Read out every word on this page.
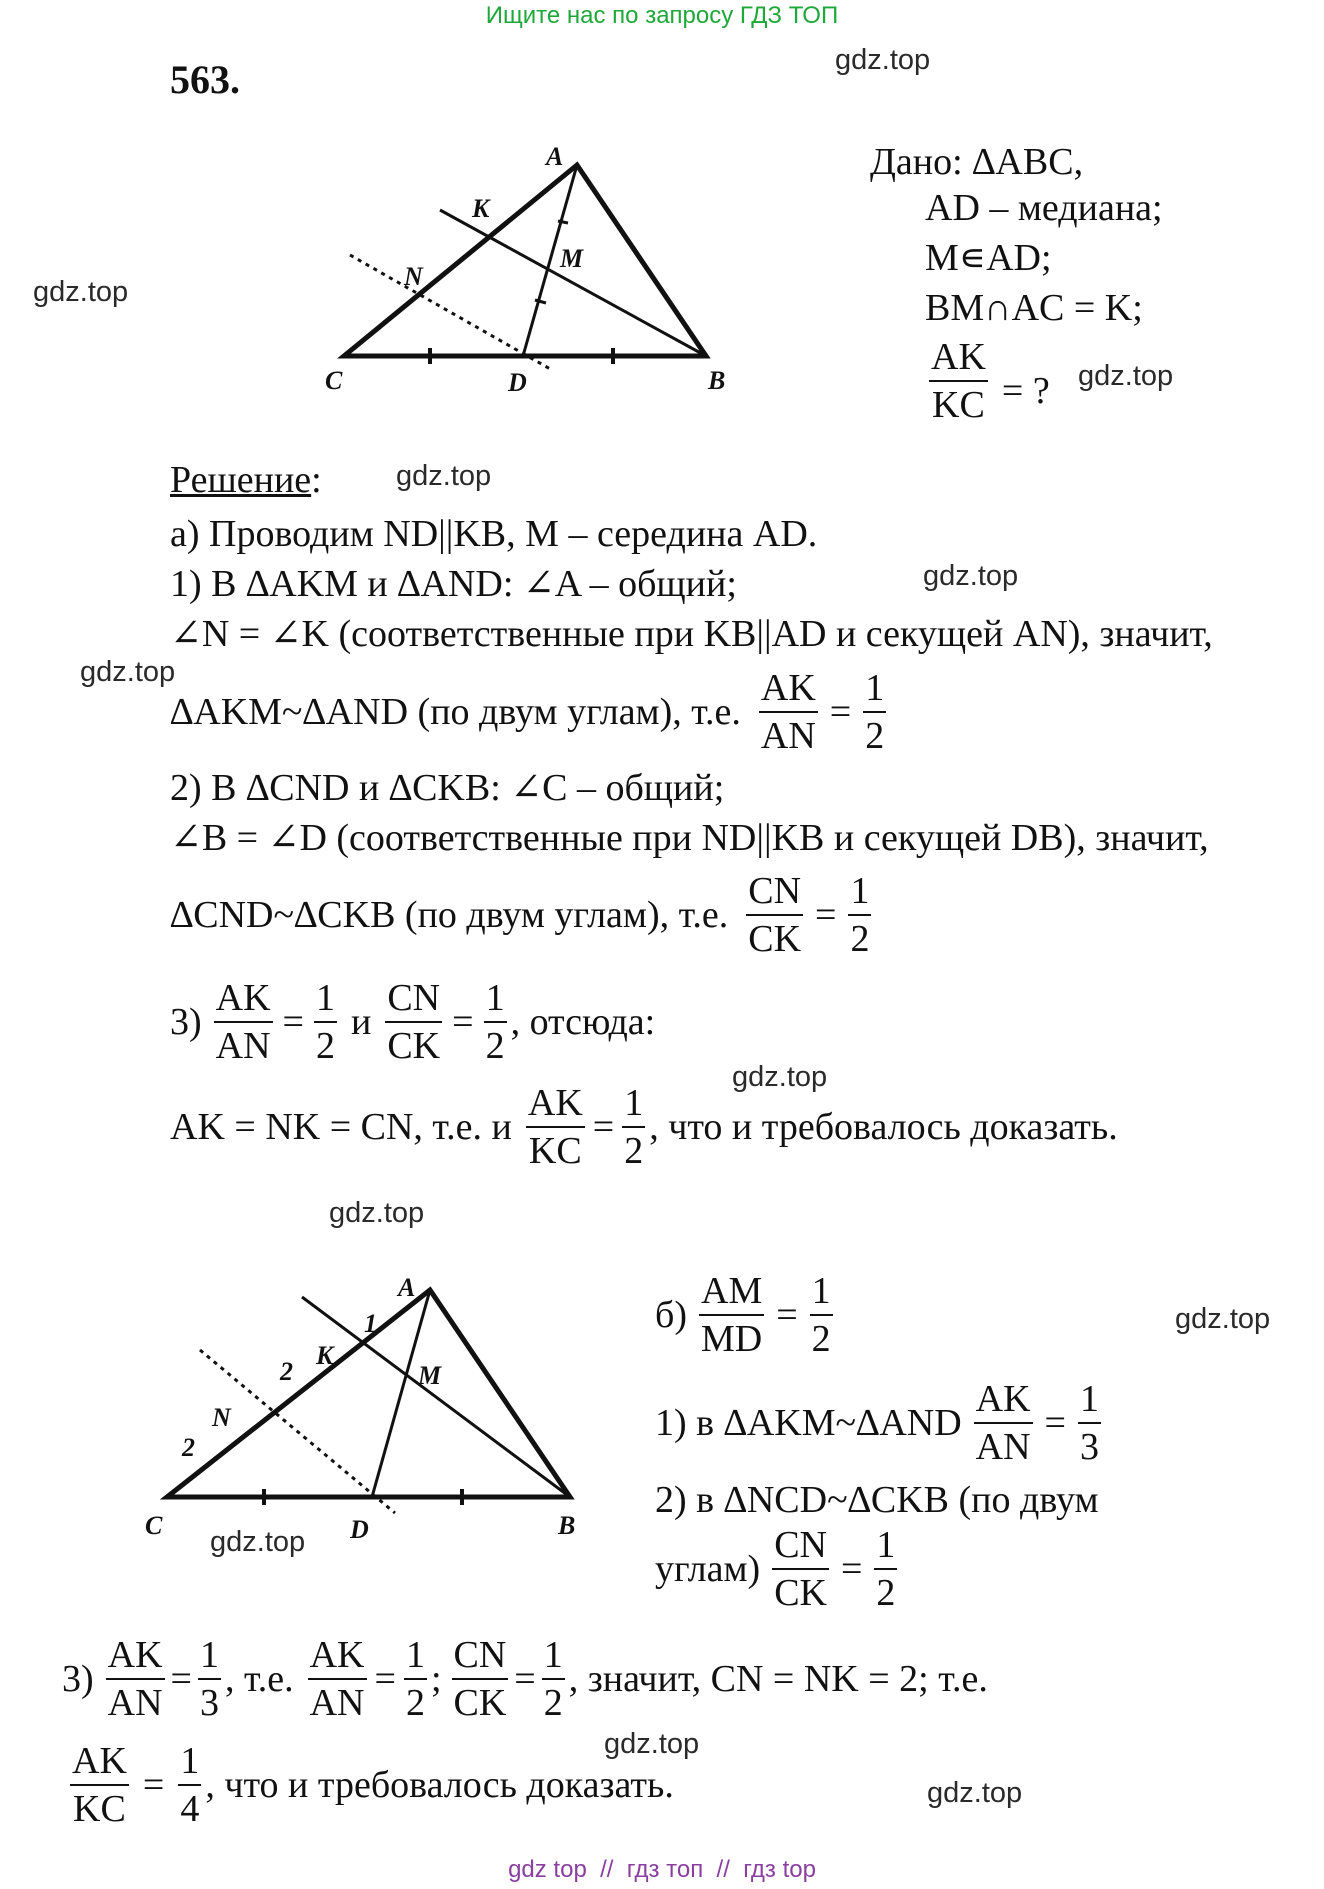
Ищите нас по запросу ГДЗ ТОП
563.	gdz.top
gdz.top
gdz.top
gdz.top
gdz.top
gdz.top
gdz.top
gdz.top
gdz.top
gdz.top
gdz.top
gdz.top
A
B
C	D
K
M
N
Дано: ∆ABC,
AD – медиана;
M∊AD;
BM∩AC = K;
$\frac{AK}{KC}$ = ?
Решение:
а) Проводим ND||KB, M – середина AD.
1) В ∆AKM и ∆AND: ∠A – общий;
∠N = ∠K (соответственные при KB||AD и секущей AN), значит,
∆AKM~∆AND (по двум углам), т.е. $\frac{AK}{AN} = \frac{1}{2}$
2) В ∆CND и ∆CKB: ∠C – общий;
∠B = ∠D (соответственные при ND||KB и секущей DB), значит,
∆CND~∆CKB (по двум углам), т.е. $\frac{CN}{CK} = \frac{1}{2}$
$3) \frac{AK}{AN} = \frac{1}{2}$ и $\frac{CN}{CK} = \frac{1}{2}$ , отсюда:
AK = NK = CN, т.е. и $\frac{AK}{KC} = \frac{1}{2}$ , что и требовалось доказать.
A
B
C	D
K
M
N
1
2
2
$б) \frac{AM}{MD} = \frac{1}{2}$
1) в ∆AKM~∆AND $\frac{AK}{AN} = \frac{1}{3}$
2) в ∆NCD~∆CKB (по двум
углам) $\frac{CN}{CK} = \frac{1}{2}$
$3) \frac{AK}{AN} = \frac{1}{3}$ , т.е. $\frac{AK}{AN} = \frac{1}{2}$ ; $\frac{CN}{CK} = \frac{1}{2}$ , значит, CN = NK = 2; т.е.
$\frac{AK}{KC} = \frac{1}{4}$ , что и требовалось доказать.
gdz top  //  гдз топ  //  гдз top
